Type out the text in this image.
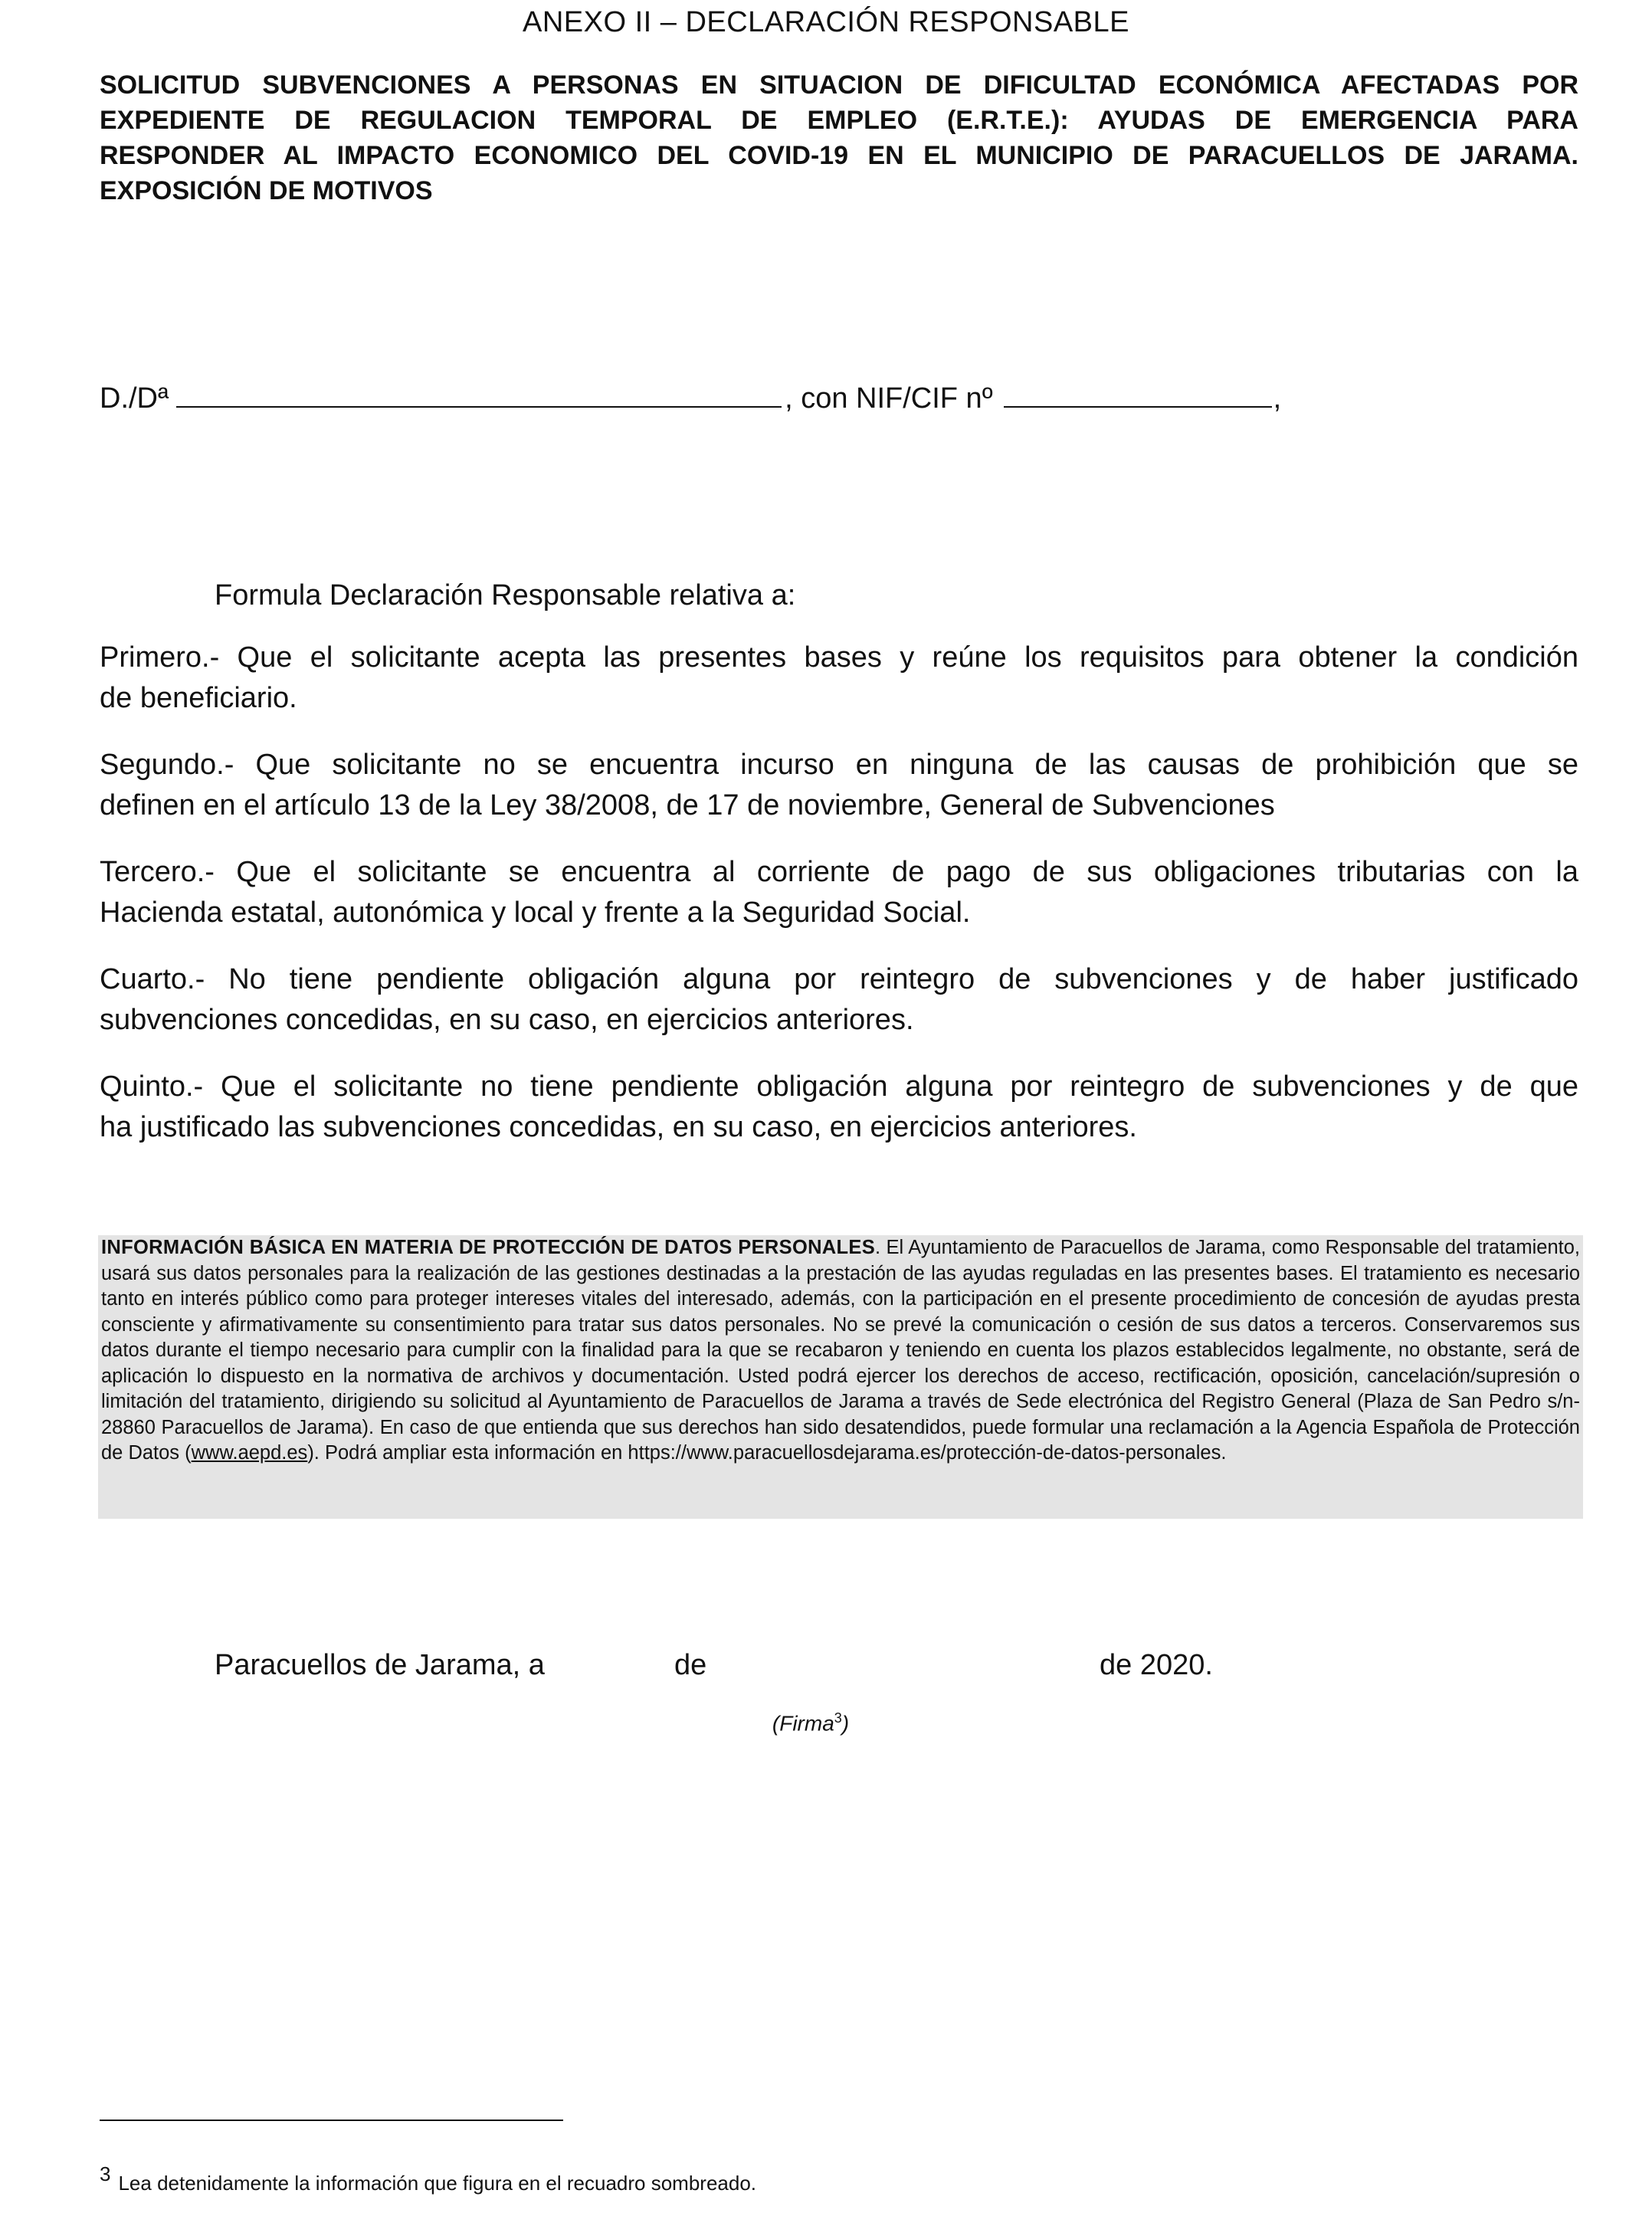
ANEXO II – DECLARACIÓN RESPONSABLE
SOLICITUD SUBVENCIONES A PERSONAS EN SITUACION DE DIFICULTAD ECONÓMICA AFECTADAS POR
EXPEDIENTE DE REGULACION TEMPORAL DE EMPLEO (E.R.T.E.): AYUDAS DE EMERGENCIA PARA
RESPONDER AL IMPACTO ECONOMICO DEL COVID-19 EN EL MUNICIPIO DE PARACUELLOS DE JARAMA.
EXPOSICIÓN DE MOTIVOS
D./Dª	, con NIF/CIF nº	,
Formula Declaración Responsable relativa a:
Primero.- Que el solicitante acepta las presentes bases y reúne los requisitos para obtener la condición
de beneficiario.
Segundo.- Que solicitante no se encuentra incurso en ninguna de las causas de prohibición que se
definen en el artículo 13 de la Ley 38/2008, de 17 de noviembre, General de Subvenciones
Tercero.- Que el solicitante se encuentra al corriente de pago de sus obligaciones tributarias con la
Hacienda estatal, autonómica y local y frente a la Seguridad Social.
Cuarto.- No tiene pendiente obligación alguna por reintegro de subvenciones y de haber justificado
subvenciones concedidas, en su caso, en ejercicios anteriores.
Quinto.- Que el solicitante no tiene pendiente obligación alguna por reintegro de subvenciones y de que
ha justificado las subvenciones concedidas, en su caso, en ejercicios anteriores.
INFORMACIÓN BÁSICA EN MATERIA DE PROTECCIÓN DE DATOS PERSONALES. El Ayuntamiento de Paracuellos de Jarama, como Responsable del tratamiento, usará sus datos personales para la realización de las gestiones destinadas a la prestación de las ayudas reguladas en las presentes bases. El tratamiento es necesario tanto en interés público como para proteger intereses vitales del interesado, además, con la participación en el presente procedimiento de concesión de ayudas presta consciente y afirmativamente su consentimiento para tratar sus datos personales. No se prevé la comunicación o cesión de sus datos a terceros. Conservaremos sus datos durante el tiempo necesario para cumplir con la finalidad para la que se recabaron y teniendo en cuenta los plazos establecidos legalmente, no obstante, será de aplicación lo dispuesto en la normativa de archivos y documentación. Usted podrá ejercer los derechos de acceso, rectificación, oposición, cancelación/supresión o limitación del tratamiento, dirigiendo su solicitud al Ayuntamiento de Paracuellos de Jarama a través de Sede electrónica del Registro General (Plaza de San Pedro s/n-28860 Paracuellos de Jarama). En caso de que entienda que sus derechos han sido desatendidos, puede formular una reclamación a la Agencia Española de Protección de Datos (www.aepd.es). Podrá ampliar esta información en https://www.paracuellosdejarama.es/protección-de-datos-personales.
Paracuellos de Jarama, a	de	de 2020.
(Firma$^3$)
$^3$ Lea detenidamente la información que figura en el recuadro sombreado.
